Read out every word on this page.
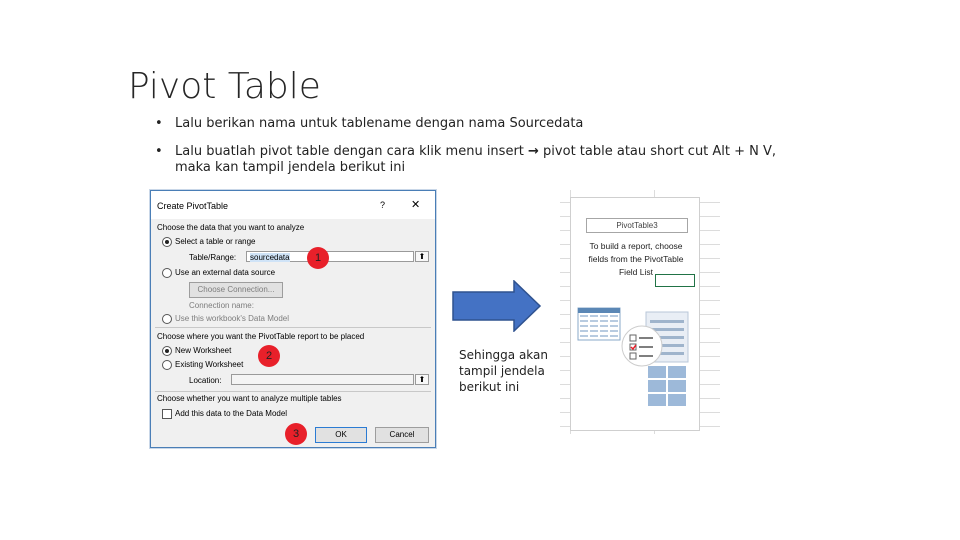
Pivot Table
• Lalu berikan nama untuk tablename dengan nama Sourcedata
• Lalu buatlah pivot table dengan cara klik menu insert → pivot table atau short cut Alt + N V,
maka kan tampil jendela berikut ini
Create PivotTable	? ✕
Choose the data that you want to analyze
Select a table or range
Table/Range:	sourcedata	⬆
Use an external data source
Choose Connection...
Connection name:
Use this workbook's Data Model
Choose where you want the PivotTable report to be placed
New Worksheet
Existing Worksheet
Location:	⬆
Choose whether you want to analyze multiple tables
Add this data to the Data Model
OK	Cancel
1
2
3
Sehingga akan
tampil jendela
berikut ini
PivotTable3
To build a report, choose
fields from the PivotTable
Field List
